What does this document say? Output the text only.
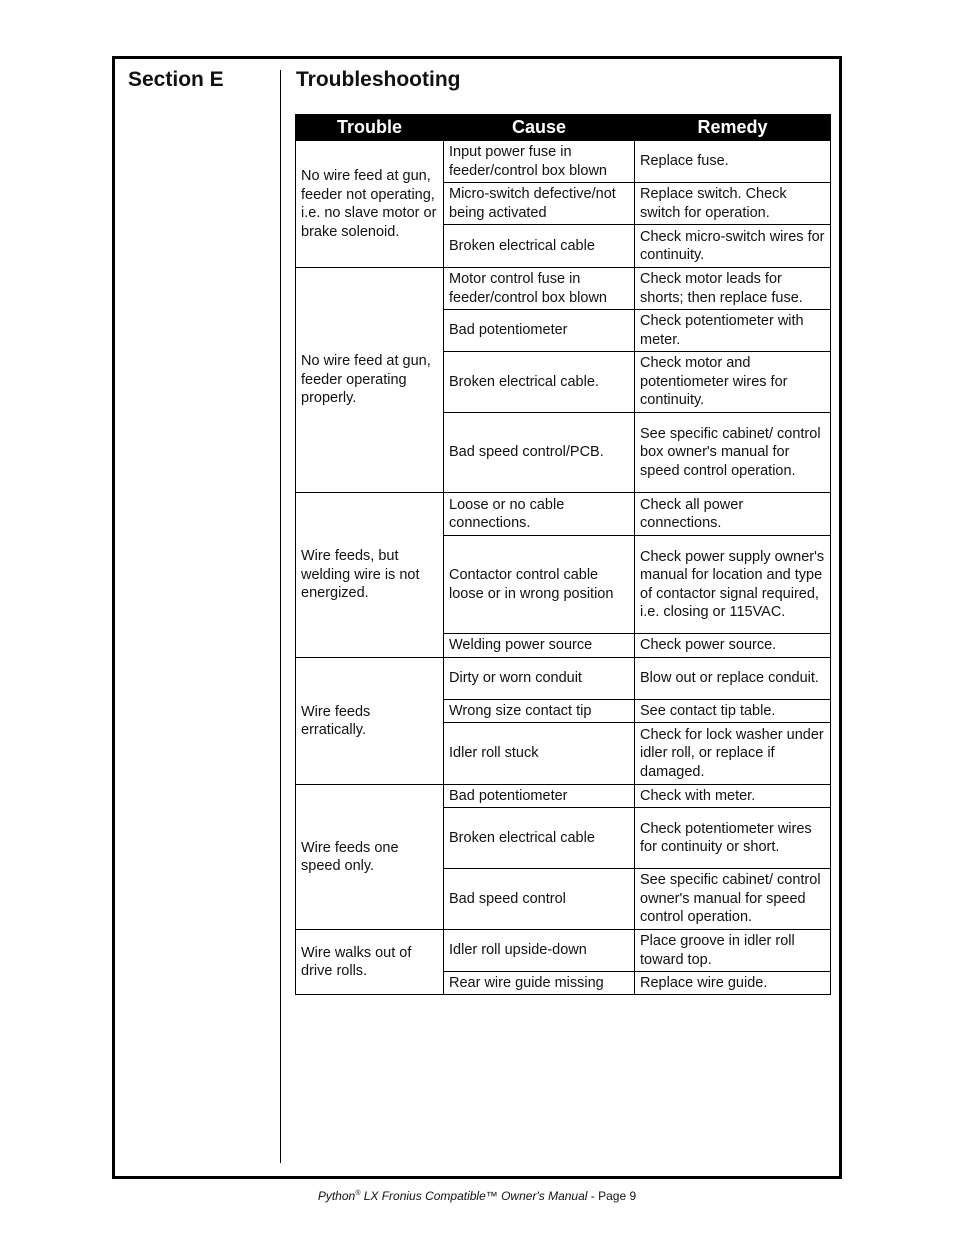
Section E	Troubleshooting
Trouble	Cause	Remedy
No wire feed at gun, feeder not operating, i.e. no slave motor or brake solenoid.	Input power fuse in feeder/control box blown	Replace fuse.
	Micro-switch defective/not being activated	Replace switch. Check switch for operation.
	Broken electrical cable	Check micro-switch wires for continuity.
No wire feed at gun, feeder operating properly.	Motor control fuse in feeder/control box blown	Check motor leads for shorts; then replace fuse.
	Bad potentiometer	Check potentiometer with meter.
	Broken electrical cable.	Check motor and potentiometer wires for continuity.
	Bad speed control/PCB.	See specific cabinet/ control box owner's manual for speed control operation.
Wire feeds, but welding wire is not energized.	Loose or no cable connections.	Check all power connections.
	Contactor control cable loose or in wrong position	Check power supply owner's manual for location and type of contactor signal required, i.e. closing or 115VAC.
	Welding power source	Check power source.
Wire feeds erratically.	Dirty or worn conduit	Blow out or replace conduit.
	Wrong size contact tip	See contact tip table.
	Idler roll stuck	Check for lock washer under idler roll, or replace if damaged.
Wire feeds one speed only.	Bad potentiometer	Check with meter.
	Broken electrical cable	Check potentiometer wires for continuity or short.
	Bad speed control	See specific cabinet/ control owner's manual for speed control operation.
Wire walks out of drive rolls.	Idler roll upside-down	Place groove in idler roll toward top.
	Rear wire guide missing	Replace wire guide.
Python® LX Fronius Compatible™ Owner's Manual - Page 9
